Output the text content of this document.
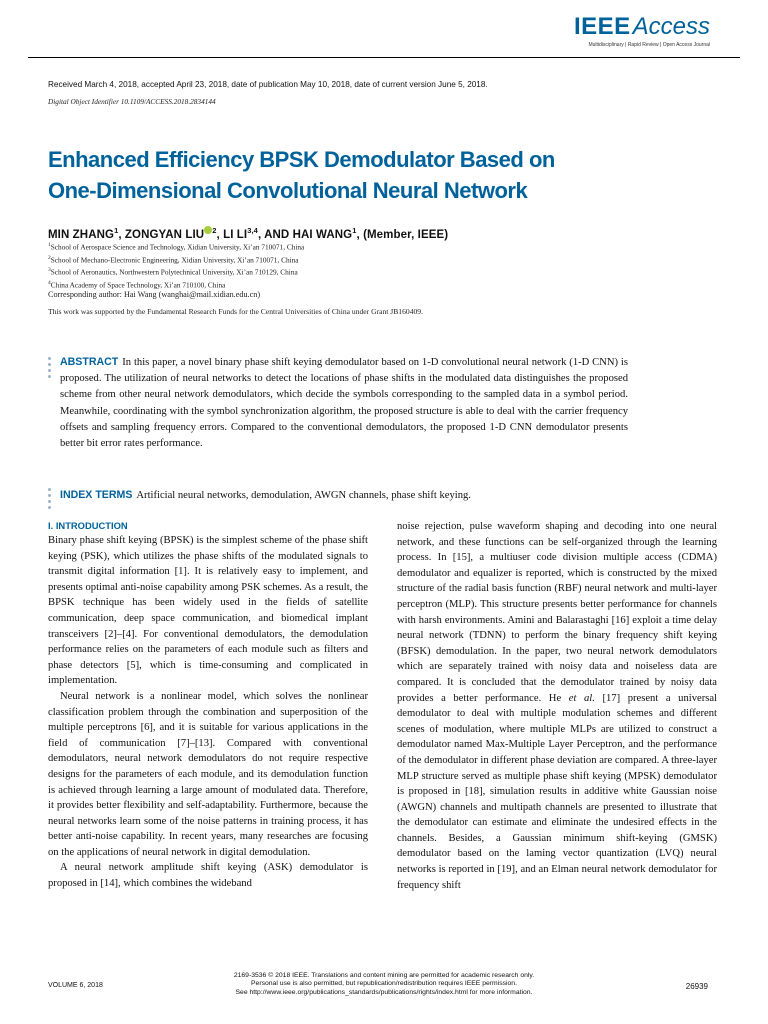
IEEEAccess
Multidisciplinary | Rapid Review | Open Access Journal
Received March 4, 2018, accepted April 23, 2018, date of publication May 10, 2018, date of current version June 5, 2018.
Digital Object Identifier 10.1109/ACCESS.2018.2834144
Enhanced Efficiency BPSK Demodulator Based on
One-Dimensional Convolutional Neural Network
MIN ZHANG$^1$, ZONGYAN LIU $^2$, LI LI$^{3,4}$, AND HAI WANG$^1$, (Member, IEEE)
$^1$School of Aerospace Science and Technology, Xidian University, Xi’an 710071, China
$^2$School of Mechano-Electronic Engineering, Xidian University, Xi’an 710071, China
$^3$School of Aeronautics, Northwestern Polytechnical University, Xi’an 710129, China
$^4$China Academy of Space Technology, Xi’an 710100, China
Corresponding author: Hai Wang (wanghai@mail.xidian.edu.cn)
This work was supported by the Fundamental Research Funds for the Central Universities of China under Grant JB160409.
ABSTRACT In this paper, a novel binary phase shift keying demodulator based on 1-D convolutional neural network (1-D CNN) is proposed. The utilization of neural networks to detect the locations of phase shifts in the modulated data distinguishes the proposed scheme from other neural network demodulators, which decide the symbols corresponding to the sampled data in a symbol period. Meanwhile, coordinating with the symbol synchronization algorithm, the proposed structure is able to deal with the carrier frequency offsets and sampling frequency errors. Compared to the conventional demodulators, the proposed 1-D CNN demodulator presents better bit error rates performance.
INDEX TERMS Artificial neural networks, demodulation, AWGN channels, phase shift keying.
I. INTRODUCTION

Binary phase shift keying (BPSK) is the simplest scheme of the phase shift keying (PSK), which utilizes the phase shifts of the modulated signals to transmit digital information [1]. It is relatively easy to implement, and presents optimal anti-noise capability among PSK schemes. As a result, the BPSK technique has been widely used in the fields of satellite communication, deep space communication, and biomedical implant transceivers [2]–[4]. For conventional demodulators, the demodulation performance relies on the parameters of each module such as filters and phase detectors [5], which is time-consuming and complicated in implementation.

Neural network is a nonlinear model, which solves the nonlinear classification problem through the combination and superposition of the multiple perceptrons [6], and it is suitable for various applications in the field of communication [7]–[13]. Compared with conventional demodulators, neural network demodulators do not require respective designs for the parameters of each module, and its demodulation function is achieved through learning a large amount of modulated data. Therefore, it provides better flexibility and self-adaptability. Furthermore, because the neural networks learn some of the noise patterns in training process, it has better anti-noise capability. In recent years, many researches are focusing on the applications of neural network in digital demodulation.

A neural network amplitude shift keying (ASK) demodulator is proposed in [14], which combines the wideband

noise rejection, pulse waveform shaping and decoding into one neural network, and these functions can be self-organized through the learning process. In [15], a multiuser code division multiple access (CDMA) demodulator and equalizer is reported, which is constructed by the mixed structure of the radial basis function (RBF) neural network and multi-layer perceptron (MLP). This structure presents better performance for channels with harsh environments. Amini and Balarastaghi [16] exploit a time delay neural network (TDNN) to perform the binary frequency shift keying (BFSK) demodulation. In the paper, two neural network demodulators which are separately trained with noisy data and noiseless data are compared. It is concluded that the demodulator trained by noisy data provides a better performance. He et al. [17] present a universal demodulator to deal with multiple modulation schemes and different scenes of modulation, where multiple MLPs are utilized to construct a demodulator named Max-Multiple Layer Perceptron, and the performance of the demodulator in different phase deviation are compared. A three-layer MLP structure served as multiple phase shift keying (MPSK) demodulator is proposed in [18], simulation results in additive white Gaussian noise (AWGN) channels and multipath channels are presented to illustrate that the demodulator can estimate and eliminate the undesired effects in the channels. Besides, a Gaussian minimum shift-keying (GMSK) demodulator based on the laming vector quantization (LVQ) neural networks is reported in [19], and an Elman neural network demodulator for frequency shift

VOLUME 6, 2018
2169-3536 © 2018 IEEE. Translations and content mining are permitted for academic research only.
Personal use is also permitted, but republication/redistribution requires IEEE permission.
See http://www.ieee.org/publications_standards/publications/rights/index.html for more information.
26939
